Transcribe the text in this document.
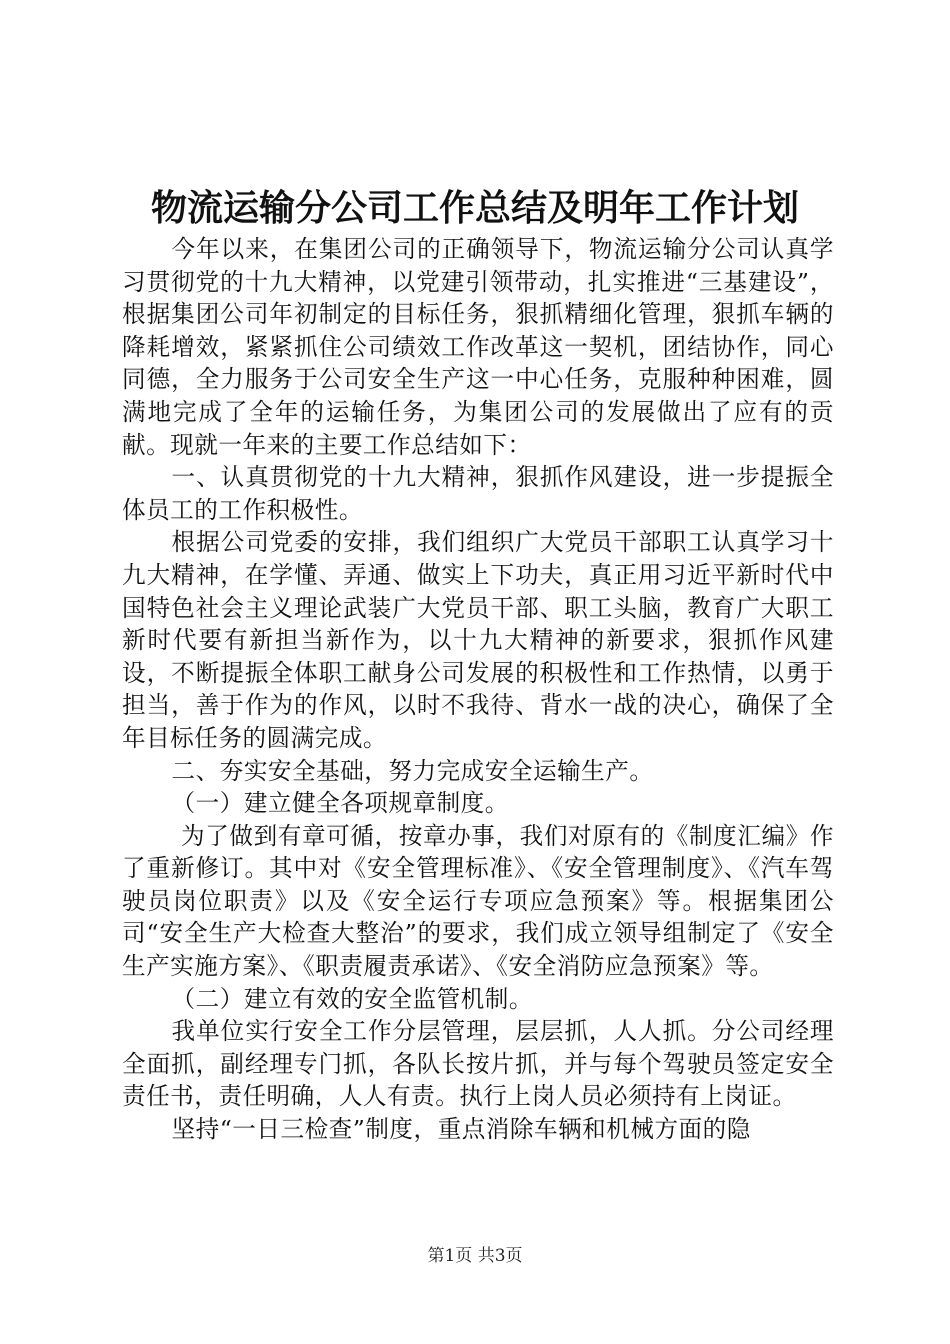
物流运输分公司工作总结及明年工作计划

今年以来，在集团公司的正确领导下，物流运输分公司认真学习贯彻党的十九大精神，以党建引领带动，扎实推进“三基建设”，根据集团公司年初制定的目标任务，狠抓精细化管理，狠抓车辆的降耗增效，紧紧抓住公司绩效工作改革这一契机，团结协作，同心同德，全力服务于公司安全生产这一中心任务，克服种种困难，圆满地完成了全年的运输任务，为集团公司的发展做出了应有的贡献。现就一年来的主要工作总结如下：

一、认真贯彻党的十九大精神，狠抓作风建设，进一步提振全体员工的工作积极性。

根据公司党委的安排，我们组织广大党员干部职工认真学习十九大精神，在学懂、弄通、做实上下功夫，真正用习近平新时代中国特色社会主义理论武装广大党员干部、职工头脑，教育广大职工新时代要有新担当新作为，以十九大精神的新要求，狠抓作风建设，不断提振全体职工献身公司发展的积极性和工作热情，以勇于担当，善于作为的作风，以时不我待、背水一战的决心，确保了全年目标任务的圆满完成。

二、夯实安全基础，努力完成安全运输生产。

（一）建立健全各项规章制度。

为了做到有章可循，按章办事，我们对原有的《制度汇编》作了重新修订。其中对《安全管理标准》、《安全管理制度》、《汽车驾驶员岗位职责》以及《安全运行专项应急预案》等。根据集团公司“安全生产大检查大整治”的要求，我们成立领导组制定了《安全生产实施方案》、《职责履责承诺》、《安全消防应急预案》等。

（二）建立有效的安全监管机制。

我单位实行安全工作分层管理，层层抓，人人抓。分公司经理全面抓，副经理专门抓，各队长按片抓，并与每个驾驶员签定安全责任书，责任明确，人人有责。执行上岗人员必须持有上岗证。

坚持“一日三检查”制度，重点消除车辆和机械方面的隐

第1页 共3页
